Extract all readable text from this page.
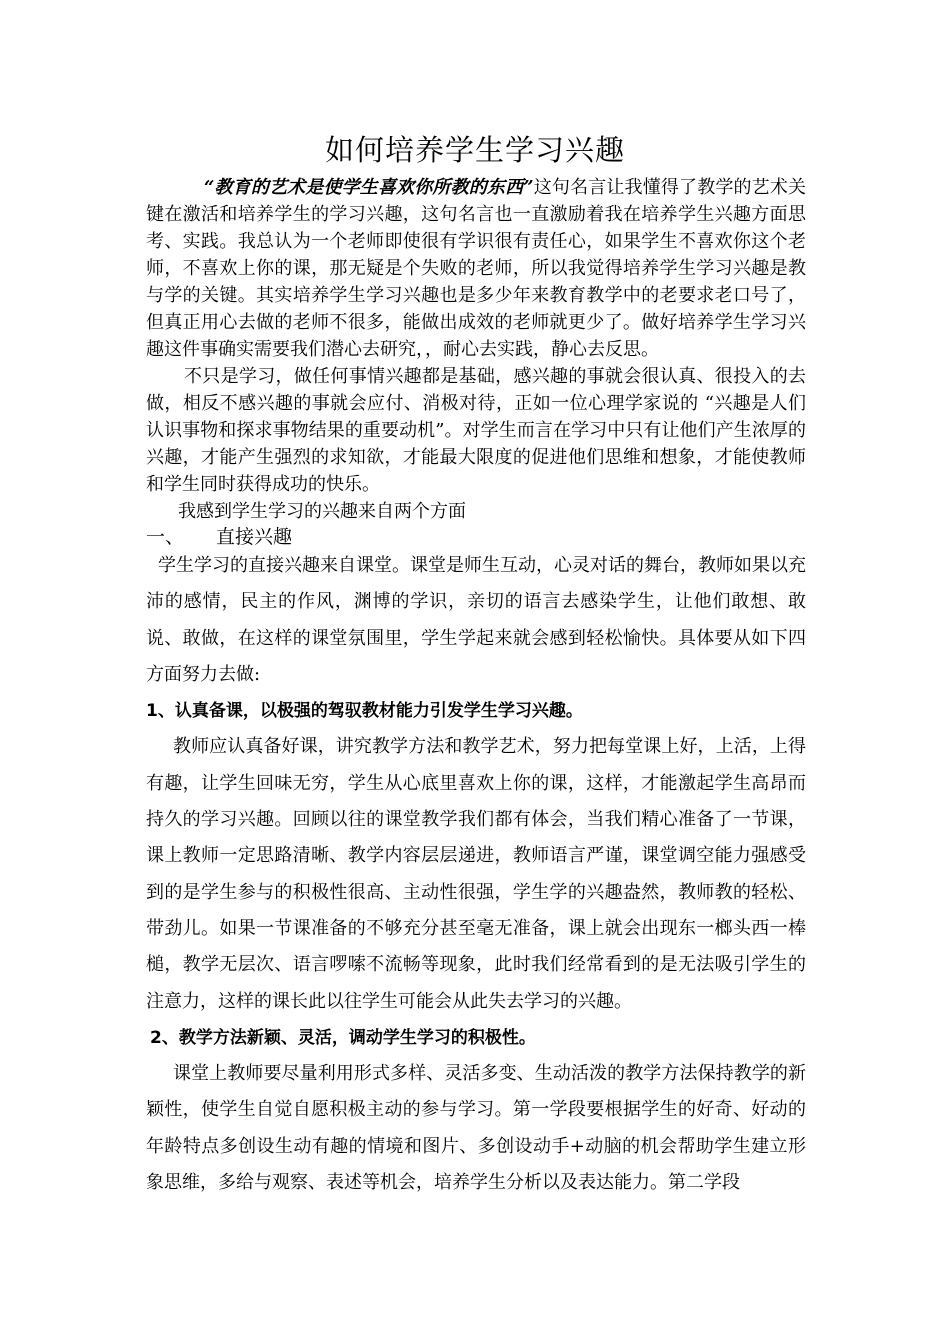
如何培养学生学习兴趣

“教育的艺术是使学生喜欢你所教的东西”这句名言让我懂得了教学的艺术关键在激活和培养学生的学习兴趣，这句名言也一直激励着我在培养学生兴趣方面思考、实践。我总认为一个老师即使很有学识很有责任心，如果学生不喜欢你这个老师，不喜欢上你的课，那无疑是个失败的老师，所以我觉得培养学生学习兴趣是教与学的关键。其实培养学生学习兴趣也是多少年来教育教学中的老要求老口号了，但真正用心去做的老师不很多，能做出成效的老师就更少了。做好培养学生学习兴趣这件事确实需要我们潜心去研究，，耐心去实践，静心去反思。

不只是学习，做任何事情兴趣都是基础，感兴趣的事就会很认真、很投入的去做，相反不感兴趣的事就会应付、消极对待，正如一位心理学家说的 “兴趣是人们认识事物和探求事物结果的重要动机”。对学生而言在学习中只有让他们产生浓厚的兴趣，才能产生强烈的求知欲，才能最大限度的促进他们思维和想象，才能使教师和学生同时获得成功的快乐。

我感到学生学习的兴趣来自两个方面

一、 直接兴趣

学生学习的直接兴趣来自课堂。课堂是师生互动，心灵对话的舞台，教师如果以充沛的感情，民主的作风，渊博的学识，亲切的语言去感染学生，让他们敢想、敢说、敢做，在这样的课堂氛围里，学生学起来就会感到轻松愉快。具体要从如下四方面努力去做:

1、认真备课，以极强的驾驭教材能力引发学生学习兴趣。

教师应认真备好课，讲究教学方法和教学艺术，努力把每堂课上好，上活，上得有趣，让学生回味无穷，学生从心底里喜欢上你的课，这样，才能激起学生高昂而持久的学习兴趣。回顾以往的课堂教学我们都有体会，当我们精心准备了一节课，课上教师一定思路清晰、教学内容层层递进，教师语言严谨，课堂调空能力强感受到的是学生参与的积极性很高、主动性很强，学生学的兴趣盎然，教师教的轻松、带劲儿。如果一节课准备的不够充分甚至毫无准备，课上就会出现东一榔头西一棒槌，教学无层次、语言啰嗦不流畅等现象，此时我们经常看到的是无法吸引学生的注意力，这样的课长此以往学生可能会从此失去学习的兴趣。

2、教学方法新颖、灵活，调动学生学习的积极性。

课堂上教师要尽量利用形式多样、灵活多变、生动活泼的教学方法保持教学的新颖性，使学生自觉自愿积极主动的参与学习。第一学段要根据学生的好奇、好动的年龄特点多创设生动有趣的情境和图片、多创设动手+动脑的机会帮助学生建立形象思维，多给与观察、表述等机会，培养学生分析以及表达能力。第二学段
